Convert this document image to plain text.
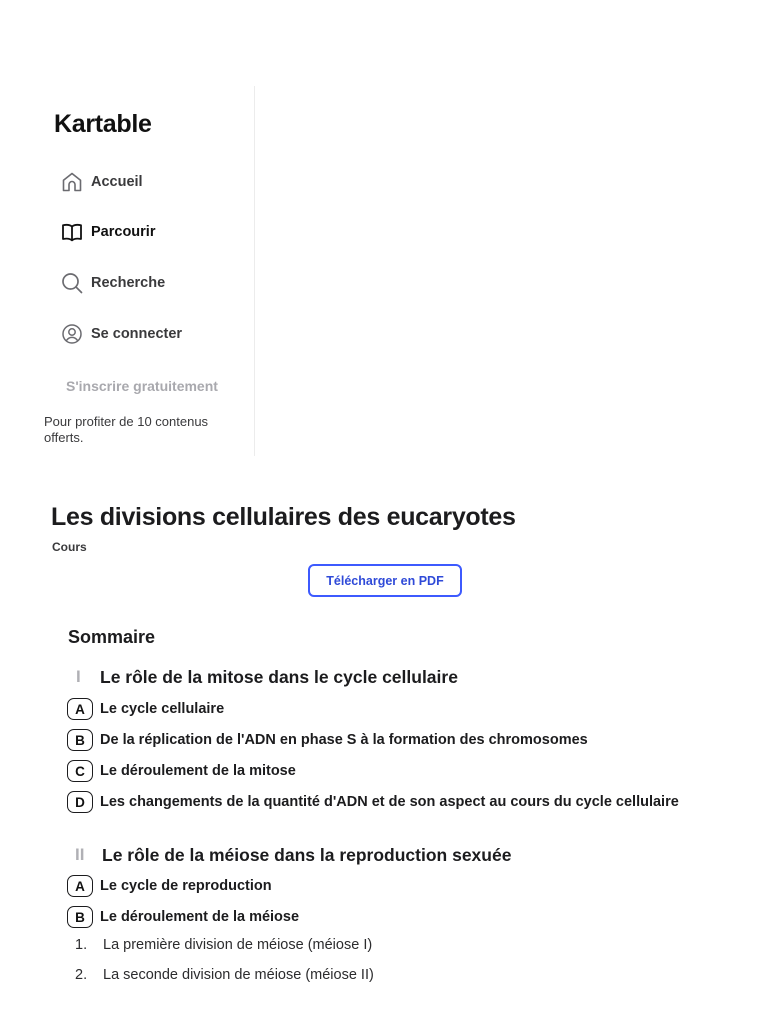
Kartable
Accueil
Parcourir
Recherche
Se connecter
S'inscrire gratuitement
Pour profiter de 10 contenus offerts.
Les divisions cellulaires des eucaryotes
Cours
Télécharger en PDF
Sommaire
I Le rôle de la mitose dans le cycle cellulaire
A	Le cycle cellulaire
B	De la réplication de l'ADN en phase S à la formation des chromosomes
C	Le déroulement de la mitose
D	Les changements de la quantité d'ADN et de son aspect au cours du cycle cellulaire
II Le rôle de la méiose dans la reproduction sexuée
A	Le cycle de reproduction
B	Le déroulement de la méiose
1.	La première division de méiose (méiose I)
2.	La seconde division de méiose (méiose II)
